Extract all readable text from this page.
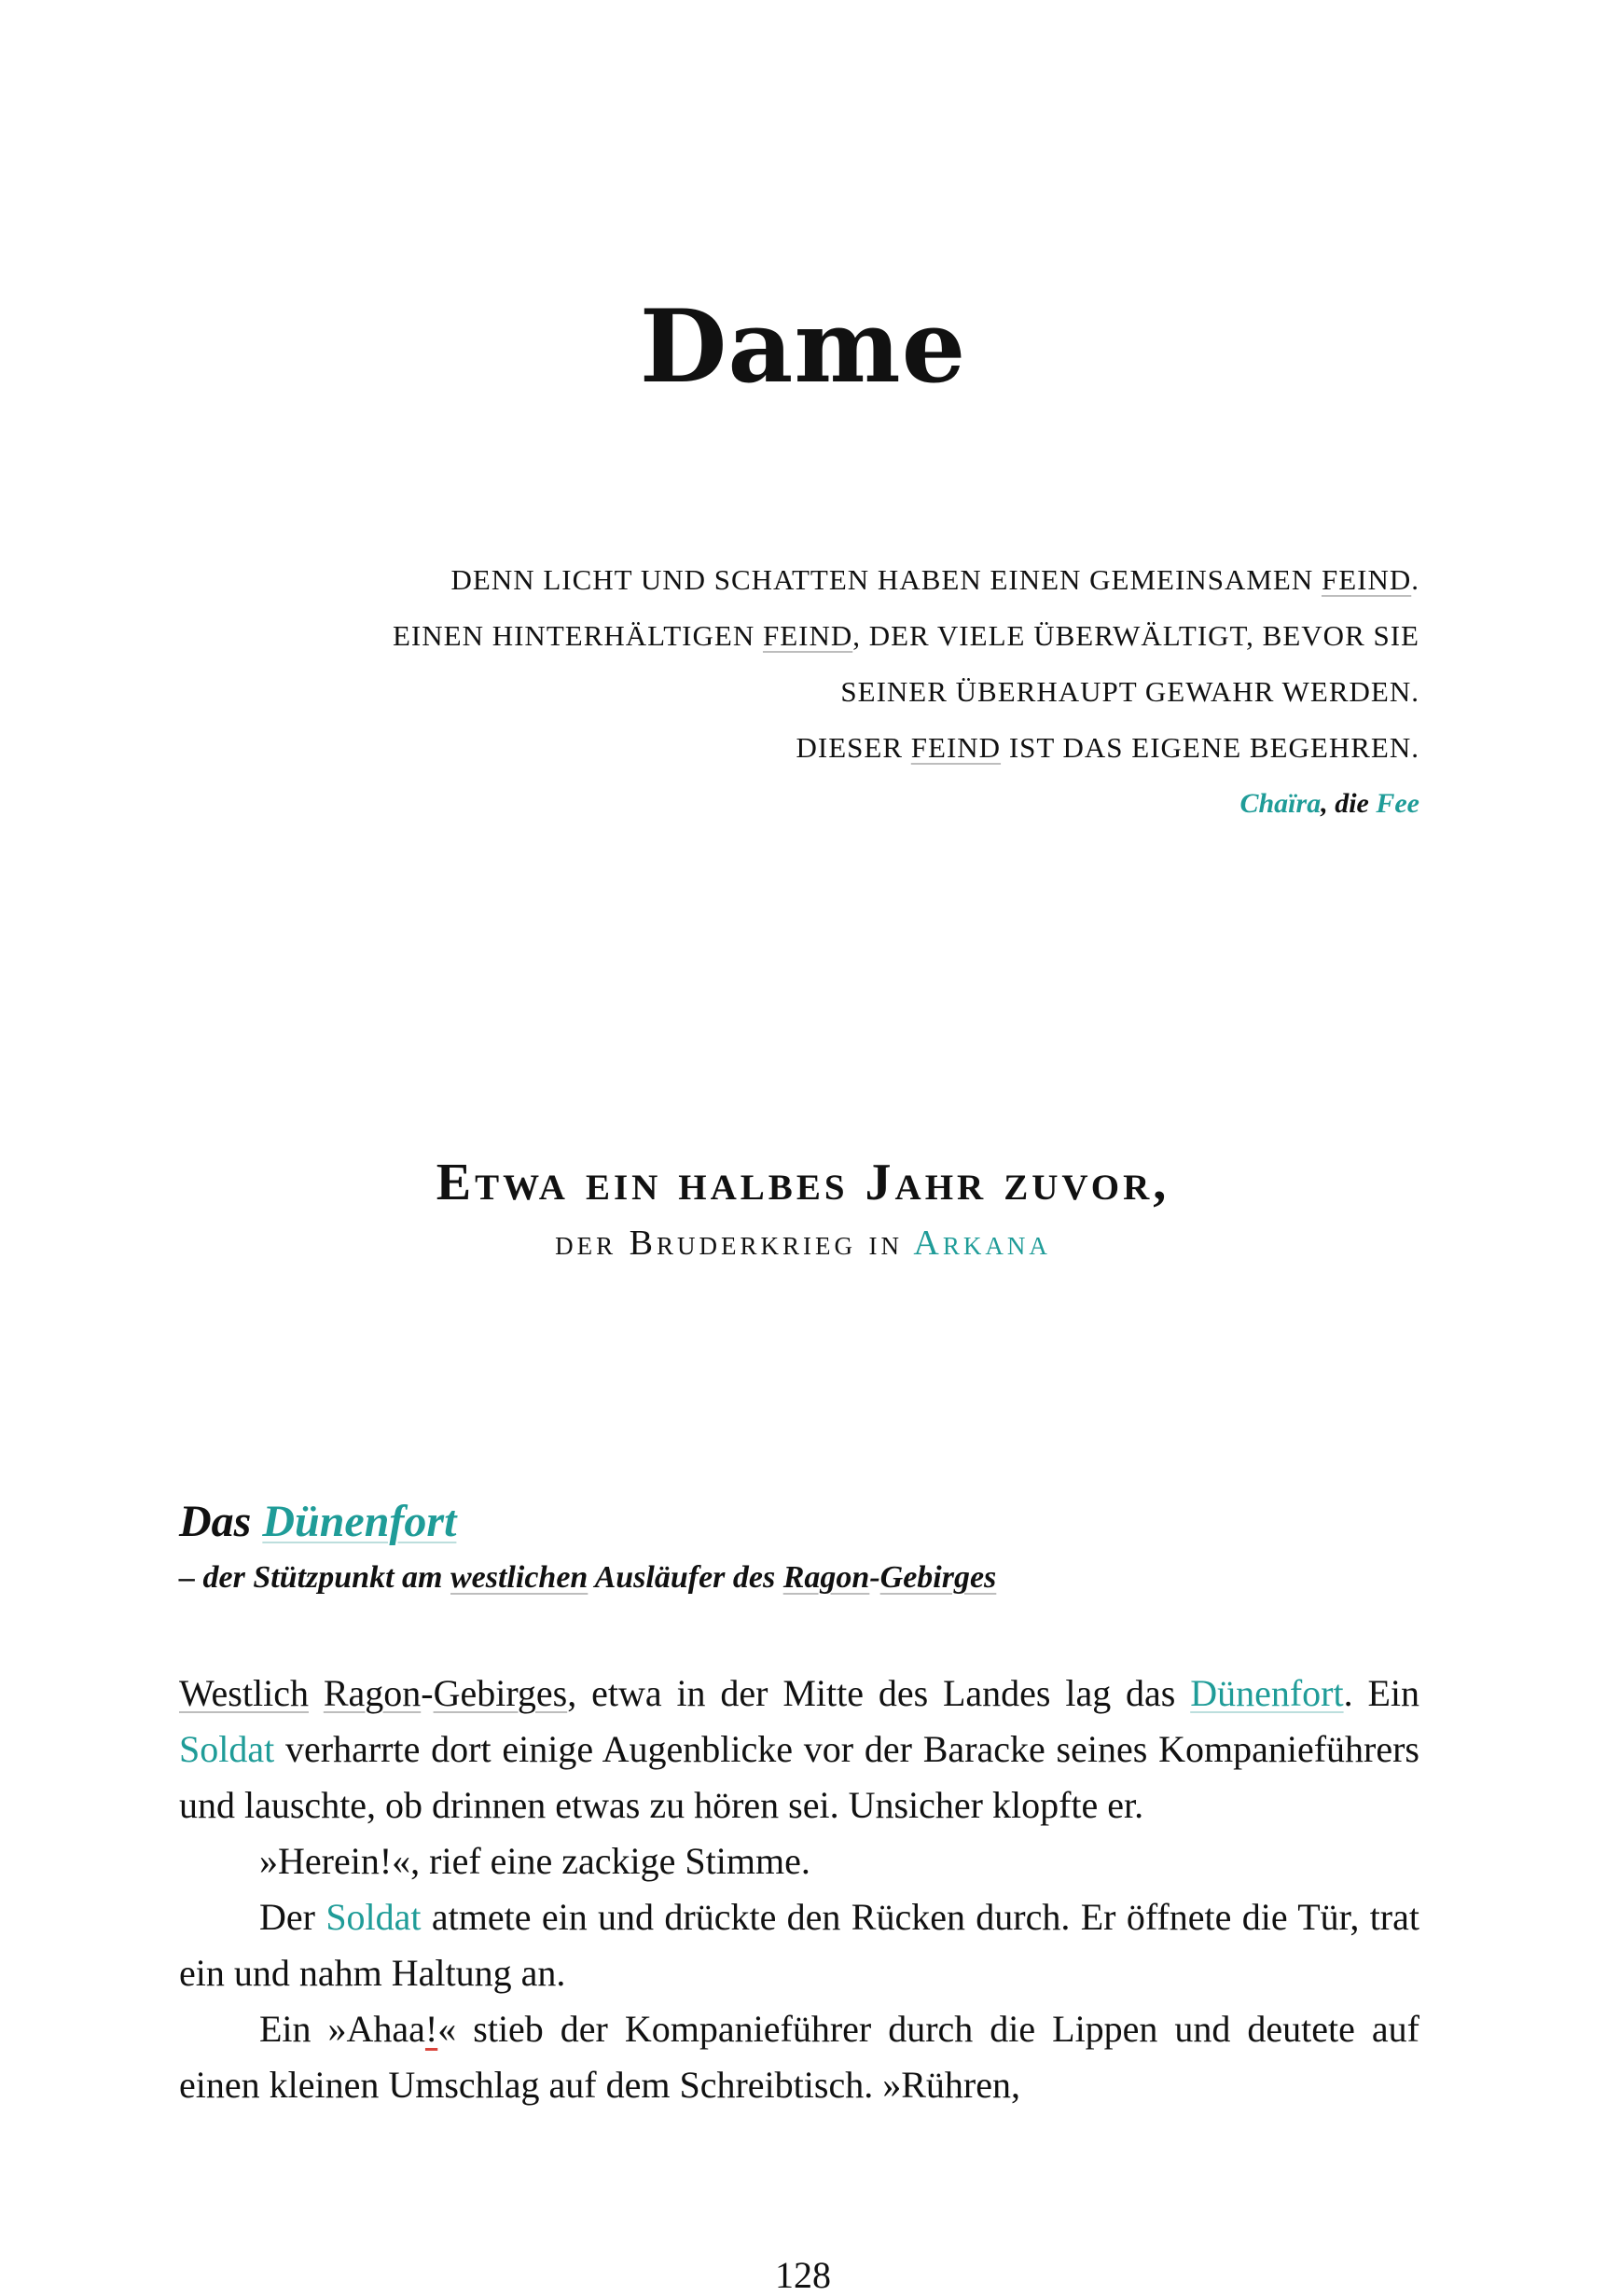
Dame
DENN LICHT UND SCHATTEN HABEN EINEN GEMEINSAMEN FEIND.
EINEN HINTERHÄLTIGEN FEIND, DER VIELE ÜBERWÄLTIGT, BEVOR SIE
SEINER ÜBERHAUPT GEWAHR WERDEN.
DIESER FEIND IST DAS EIGENE BEGEHREN.
Chaïra, die Fee
Etwa ein halbes Jahr zuvor,
der Bruderkrieg in Arkana
Das Dünenfort
– der Stützpunkt am westlichen Ausläufer des Ragon-Gebirges

Westlich Ragon-Gebirges, etwa in der Mitte des Landes lag das Dünenfort. Ein Soldat verharrte dort einige Augenblicke vor der Baracke seines Kompanieführers und lauschte, ob drinnen etwas zu hören sei. Unsicher klopfte er.

»Herein!«, rief eine zackige Stimme.

Der Soldat atmete ein und drückte den Rücken durch. Er öffnete die Tür, trat ein und nahm Haltung an.

Ein »Ahaa!« stieb der Kompanieführer durch die Lippen und deutete auf einen kleinen Umschlag auf dem Schreibtisch. »Rühren,

128
